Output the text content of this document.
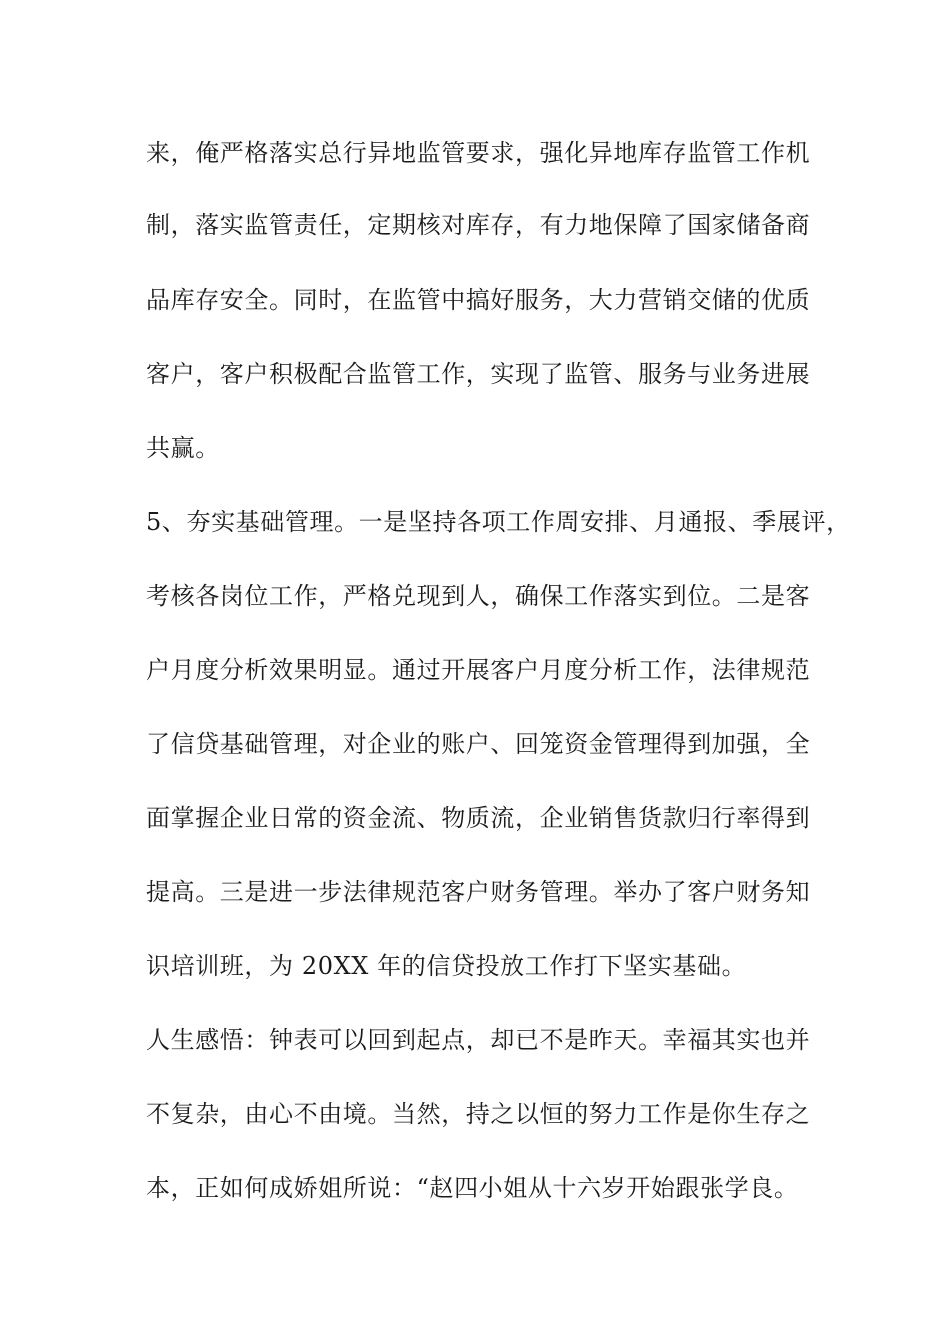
来，俺严格落实总行异地监管要求，强化异地库存监管工作机
制，落实监管责任，定期核对库存，有力地保障了国家储备商
品库存安全。同时，在监管中搞好服务，大力营销交储的优质
客户，客户积极配合监管工作，实现了监管、服务与业务进展
共赢。
5、夯实基础管理。一是坚持各项工作周安排、月通报、季展评，
考核各岗位工作，严格兑现到人，确保工作落实到位。二是客
户月度分析效果明显。通过开展客户月度分析工作，法律规范
了信贷基础管理，对企业的账户、回笼资金管理得到加强，全
面掌握企业日常的资金流、物质流，企业销售货款归行率得到
提高。三是进一步法律规范客户财务管理。举办了客户财务知
识培训班，为 20XX 年的信贷投放工作打下坚实基础。
人生感悟：钟表可以回到起点，却已不是昨天。幸福其实也并
不复杂，由心不由境。当然，持之以恒的努力工作是你生存之
本，正如何成娇姐所说：“赵四小姐从十六岁开始跟张学良。
